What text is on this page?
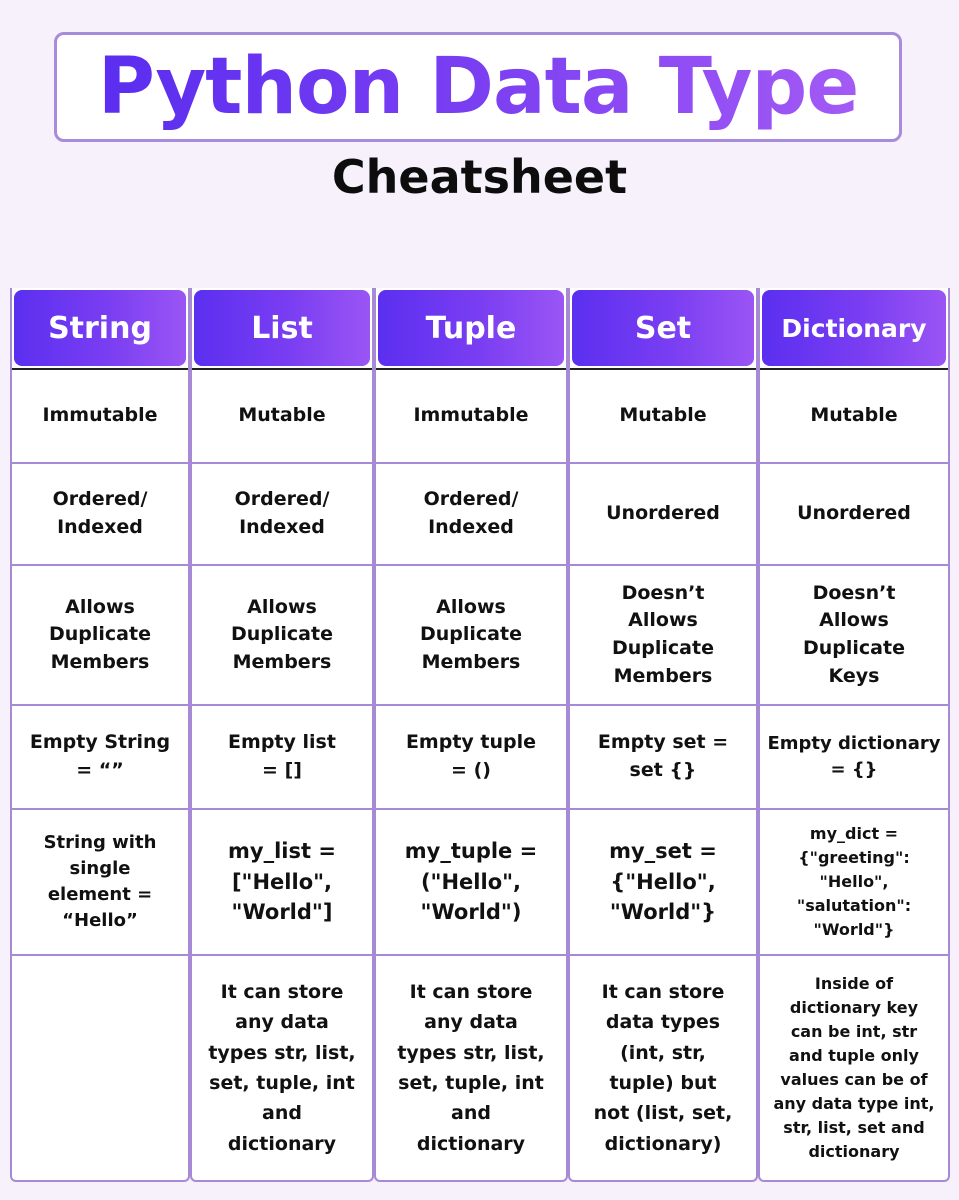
Python Data Type
Cheatsheet
String
Immutable
Ordered/
Indexed
Allows
Duplicate
Members
Empty String
= “”
String with
single
element =
“Hello”
List
Mutable
Ordered/
Indexed
Allows
Duplicate
Members
Empty list
= []
my_list =
["Hello",
"World"]
It can store
any data
types str, list,
set, tuple, int
and
dictionary
Tuple
Immutable
Ordered/
Indexed
Allows
Duplicate
Members
Empty tuple
= ()
my_tuple =
("Hello",
"World")
It can store
any data
types str, list,
set, tuple, int
and
dictionary
Set
Mutable
Unordered
Doesn’t
Allows
Duplicate
Members
Empty set =
set {}
my_set =
{"Hello",
"World"}
It can store
data types
(int, str,
tuple) but
not (list, set,
dictionary)
Dictionary
Mutable
Unordered
Doesn’t
Allows
Duplicate
Keys
Empty dictionary
= {}
my_dict =
{"greeting": "Hello",
"salutation":
"World"}
Inside of
dictionary key
can be int, str
and tuple only
values can be of
any data type int,
str, list, set and
dictionary
